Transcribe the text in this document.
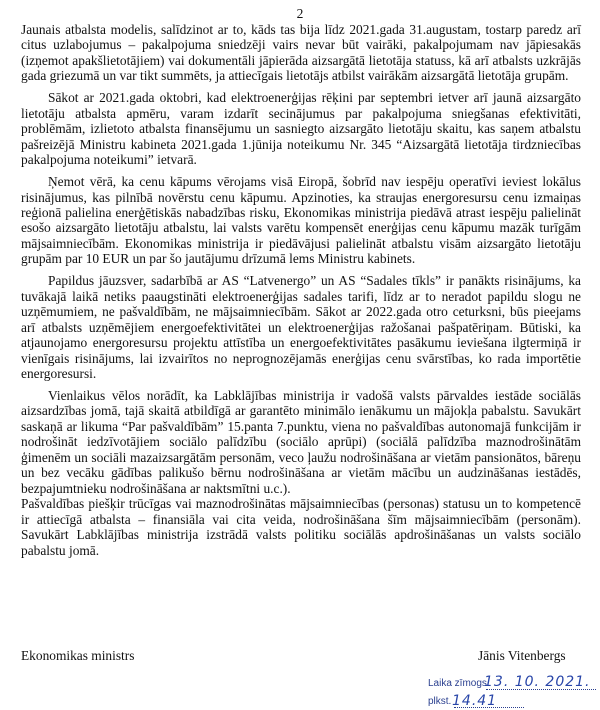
2

Jaunais atbalsta modelis, salīdzinot ar to, kāds tas bija līdz 2021.gada 31.augustam, tostarp paredz arī citus uzlabojumus – pakalpojuma sniedzēji vairs nevar būt vairāki, pakalpojumam nav jāpiesakās (izņemot apakšlietotājiem) vai dokumentāli jāpierāda aizsargātā lietotāja statuss, kā arī atbalsts uzkrājās gada griezumā un var tikt summēts, ja attiecīgais lietotājs atbilst vairākām aizsargātā lietotāja grupām.

Sākot ar 2021.gada oktobri, kad elektroenerģijas rēķini par septembri ietver arī jaunā aizsargāto lietotāju atbalsta apmēru, varam izdarīt secinājumus par pakalpojuma sniegšanas efektivitāti, problēmām, izlietoto atbalsta finansējumu un sasniegto aizsargāto lietotāju skaitu, kas saņem atbalstu pašreizējā Ministru kabineta 2021.gada 1.jūnija noteikumu Nr. 345 “Aizsargātā lietotāja tirdzniecības pakalpojuma noteikumi” ietvarā.

Ņemot vērā, ka cenu kāpums vērojams visā Eiropā, šobrīd nav iespēju operatīvi ieviest lokālus risinājumus, kas pilnībā novērstu cenu kāpumu. Apzinoties, ka straujas energoresursu cenu izmaiņas reģionā palielina enerģētiskās nabadzības risku, Ekonomikas ministrija piedāvā atrast iespēju palielināt esošo aizsargāto lietotāju atbalstu, lai valsts varētu kompensēt enerģijas cenu kāpumu mazāk turīgām mājsaimniecībām. Ekonomikas ministrija ir piedāvājusi palielināt atbalstu visām aizsargāto lietotāju grupām par 10 EUR un par šo jautājumu drīzumā lems Ministru kabinets.

Papildus jāuzsver, sadarbībā ar AS “Latvenergo” un AS “Sadales tīkls” ir panākts risinājums, ka tuvākajā laikā netiks paaugstināti elektroenerģijas sadales tarifi, līdz ar to neradot papildu slogu ne uzņēmumiem, ne pašvaldībām, ne mājsaimniecībām. Sākot ar 2022.gada otro ceturksni, būs pieejams arī atbalsts uzņēmējiem energoefektivitātei un elektroenerģijas ražošanai pašpatēriņam. Būtiski, ka atjaunojamo energoresursu projektu attīstība un energoefektivitātes pasākumu ieviešana ilgtermiņā ir vienīgais risinājums, lai izvairītos no neprognozējamās enerģijas cenu svārstības, ko rada importētie energoresursi.

Vienlaikus vēlos norādīt, ka Labklājības ministrija ir vadošā valsts pārvaldes iestāde sociālās aizsardzības jomā, tajā skaitā atbildīgā ar garantēto minimālo ienākumu un mājokļa pabalstu. Savukārt saskaņā ar likuma “Par pašvaldībām” 15.panta 7.punktu, viena no pašvaldības autonomajā funkcijām ir nodrošināt iedzīvotājiem sociālo palīdzību (sociālo aprūpi) (sociālā palīdzība maznodrošinātām ģimenēm un sociāli mazaizsargātām personām, veco ļaužu nodrošināšana ar vietām pansionātos, bāreņu un bez vecāku gādības palikušo bērnu nodrošināšana ar vietām mācību un audzināšanas iestādēs, bezpajumtnieku nodrošināšana ar naktsmītni u.c.).

Pašvaldības piešķir trūcīgas vai maznodrošinātas mājsaimniecības (personas) statusu un to kompetencē ir attiecīgā atbalsta – finansiāla vai cita veida, nodrošināšana šīm mājsaimniecībām (personām). Savukārt Labklājības ministrija izstrādā valsts politiku sociālās apdrošināšanas un valsts sociālo pabalstu jomā.

Ekonomikas ministrs	Jānis Vitenbergs
Laika zīmogs
13. 10. 2021.
plkst. 14.41
